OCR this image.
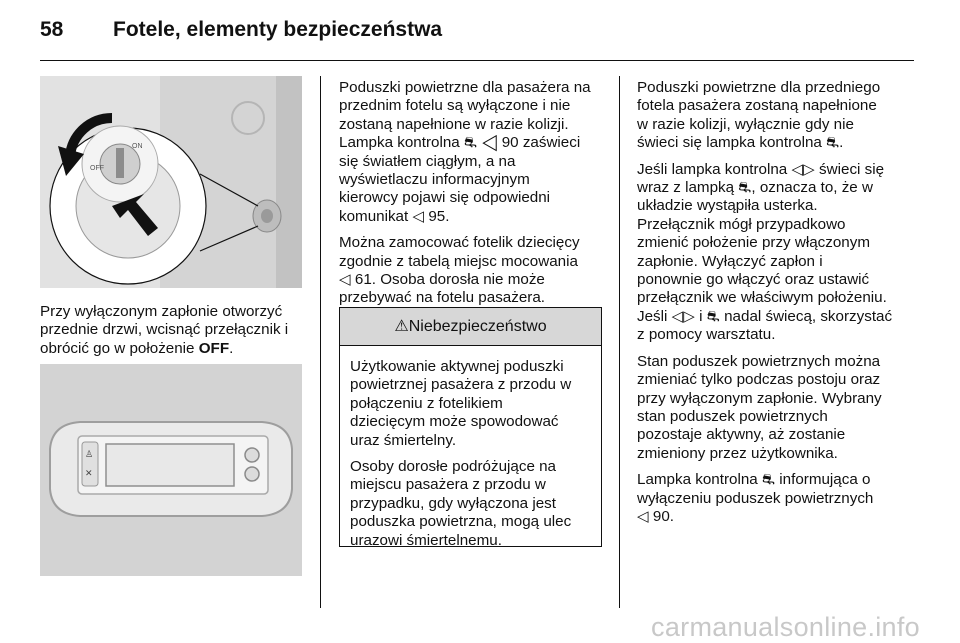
58 Fotele, elementy bezpieczeństwa
ON
OFF
Przy wyłączonym zapłonie otworzyć
przednie drzwi, wcisnąć przełącznik i
obrócić go w położenie OFF.
♙
✕

Poduszki powietrzne dla pasażera na
przednim fotelu są wyłączone i nie
zostaną napełnione w razie kolizji.
Lampka kontrolna ⛐ ◁ 90 zaświeci
się światłem ciągłym, a na
wyświetlaczu informacyjnym
kierowcy pojawi się odpowiedni
komunikat ◁ 95.

Można zamocować fotelik dziecięcy
zgodnie z tabelą miejsc mocowania
◁ 61. Osoba dorosła nie może
przebywać na fotelu pasażera.

⚠Niebezpieczeństwo

Użytkowanie aktywnej poduszki
powietrznej pasażera z przodu w
połączeniu z fotelikiem
dziecięcym może spowodować
uraz śmiertelny.

Osoby dorosłe podróżujące na
miejscu pasażera z przodu w
przypadku, gdy wyłączona jest
poduszka powietrzna, mogą ulec
urazowi śmiertelnemu.

Poduszki powietrzne dla przedniego
fotela pasażera zostaną napełnione
w razie kolizji, wyłącznie gdy nie
świeci się lampka kontrolna ⛐.

Jeśli lampka kontrolna ◁▷ świeci się
wraz z lampką ⛐, oznacza to, że w
układzie wystąpiła usterka.
Przełącznik mógł przypadkowo
zmienić położenie przy włączonym
zapłonie. Wyłączyć zapłon i
ponownie go włączyć oraz ustawić
przełącznik we właściwym położeniu.
Jeśli ◁▷ i ⛐ nadal świecą, skorzystać
z pomocy warsztatu.

Stan poduszek powietrznych można
zmieniać tylko podczas postoju oraz
przy wyłączonym zapłonie. Wybrany
stan poduszek powietrznych
pozostaje aktywny, aż zostanie
zmieniony przez użytkownika.

Lampka kontrolna ⛐ informująca o
wyłączeniu poduszek powietrznych
◁ 90.

carmanualsonline.info
